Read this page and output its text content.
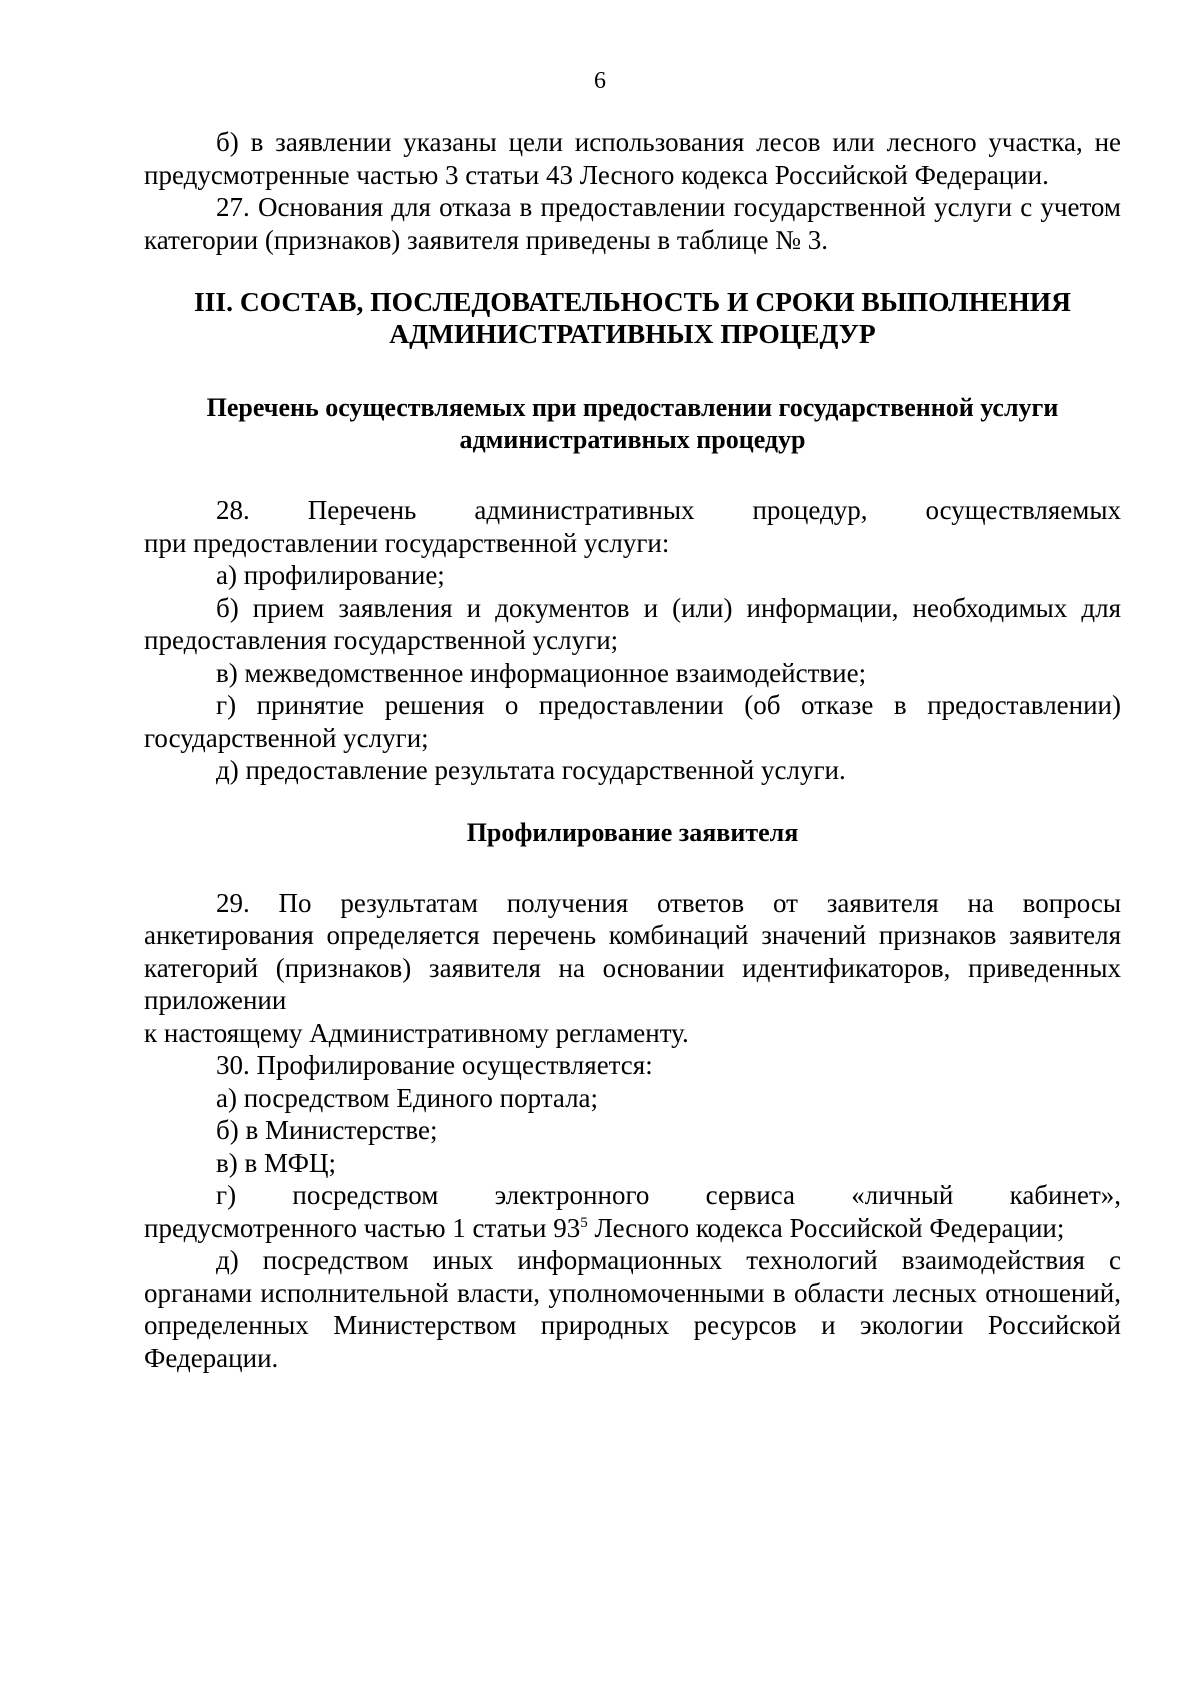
6

б) в заявлении указаны цели использования лесов или лесного участка, не предусмотренные частью 3 статьи 43 Лесного кодекса Российской Федерации.

27. Основания для отказа в предоставлении государственной услуги с учетом категории (признаков) заявителя приведены в таблице № 3.

III. СОСТАВ, ПОСЛЕДОВАТЕЛЬНОСТЬ И СРОКИ ВЫПОЛНЕНИЯ
АДМИНИСТРАТИВНЫХ ПРОЦЕДУР
Перечень осуществляемых при предоставлении государственной услуги
административных процедур

28. Перечень административных процедур, осуществляемых

при предоставлении государственной услуги:

а) профилирование;

б) прием заявления и документов и (или) информации, необходимых для предоставления государственной услуги;

в) межведомственное информационное взаимодействие;

г) принятие решения о предоставлении (об отказе в предоставлении) государственной услуги;

д) предоставление результата государственной услуги.

Профилирование заявителя

29. По результатам получения ответов от заявителя на вопросы анкетирования определяется перечень комбинаций значений признаков заявителя категорий (признаков) заявителя на основании идентификаторов, приведенных приложении

к настоящему Административному регламенту.

30. Профилирование осуществляется:

а) посредством Единого портала;

б) в Министерстве;

в) в МФЦ;

г) посредством электронного сервиса «личный кабинет»,

предусмотренного частью 1 статьи $93^5$ Лесного кодекса Российской Федерации;

д) посредством иных информационных технологий взаимодействия с органами исполнительной власти, уполномоченными в области лесных отношений, определенных Министерством природных ресурсов и экологии Российской Федерации.
